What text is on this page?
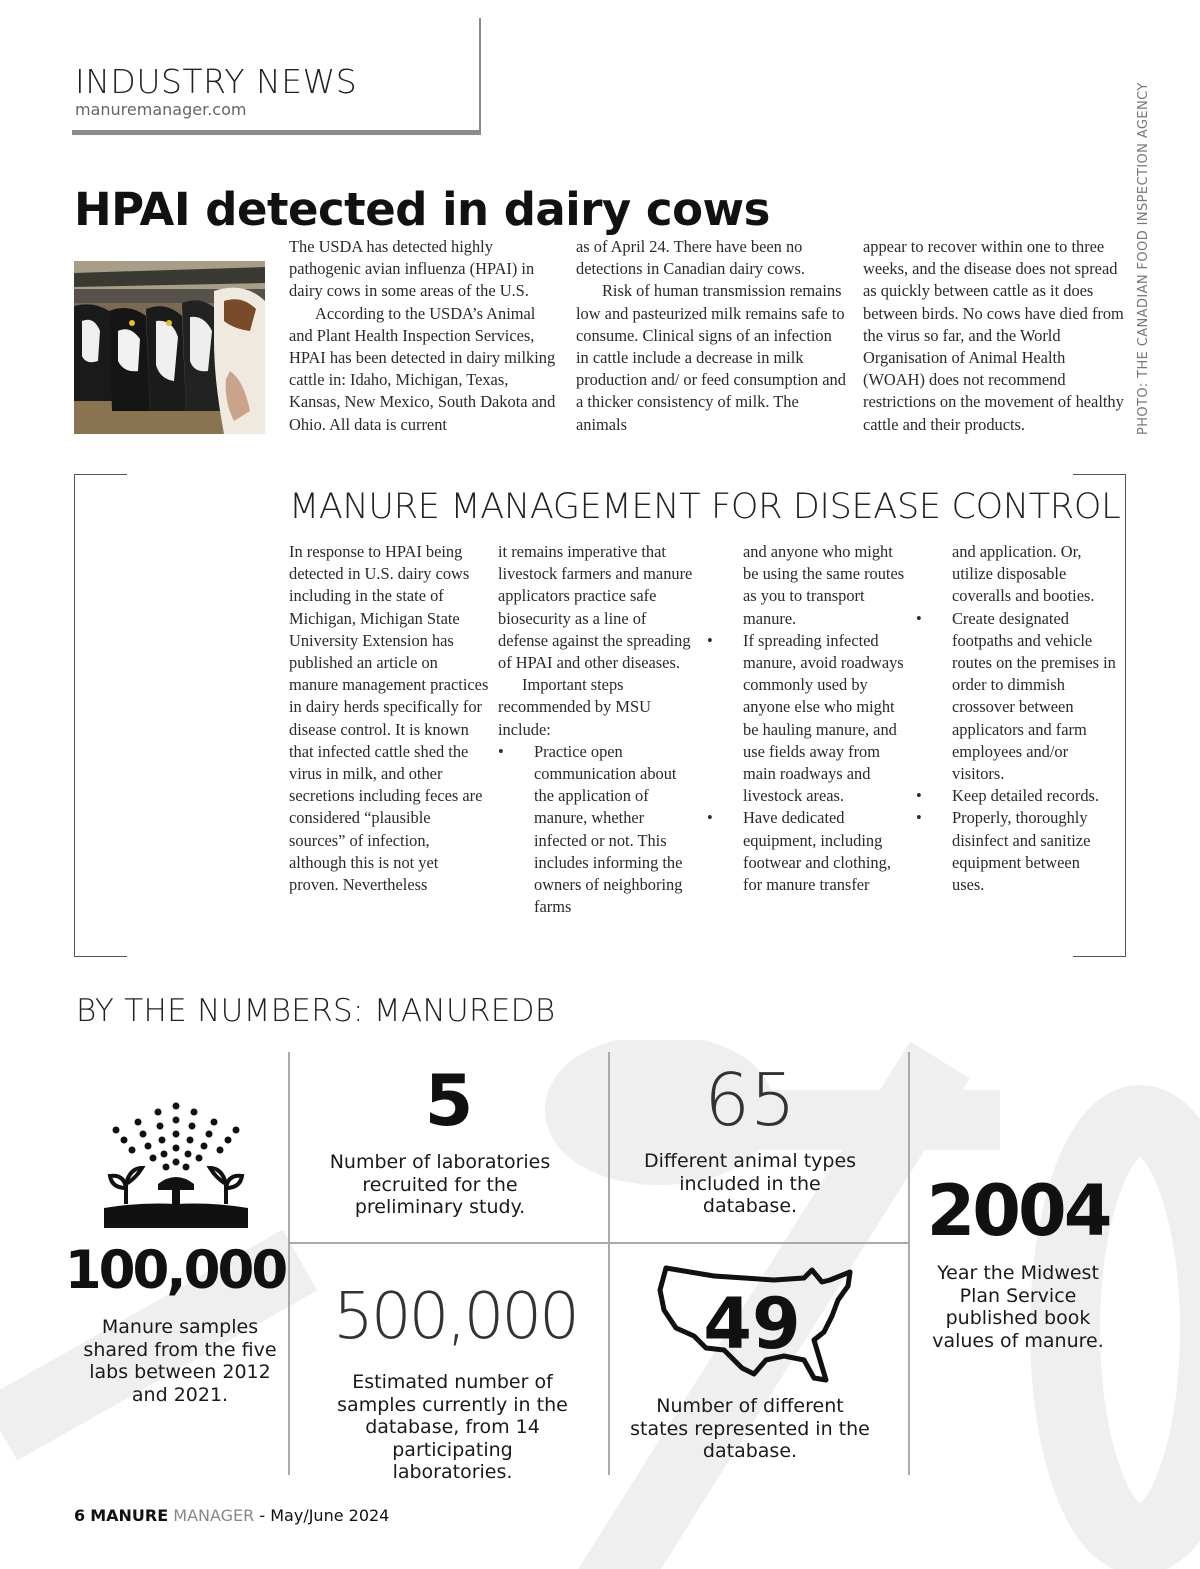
INDUSTRY NEWS
manuremanager.com	PHOTO: THE CANADIAN FOOD INSPECTION AGENCY
HPAI detected in dairy cows

The USDA has detected highly pathogenic avian influenza (HPAI) in dairy cows in some areas of the U.S.

According to the USDA’s Animal and Plant Health Inspection Services, HPAI has been detected in dairy milking cattle in: Idaho, Michigan, Texas, Kansas, New Mexico, South Dakota and Ohio. All data is current

as of April 24. There have been no detections in Canadian dairy cows.

Risk of human transmission remains low and pasteurized milk remains safe to consume. Clinical signs of an infection in cattle include a decrease in milk production and/ or feed consumption and a thicker consistency of milk. The animals

appear to recover within one to three weeks, and the disease does not spread as quickly between cattle as it does between birds. No cows have died from the virus so far, and the World Organisation of Animal Health (WOAH) does not recommend restrictions on the movement of healthy cattle and their products.

MANURE MANAGEMENT FOR DISEASE CONTROL

In response to HPAI being detected in U.S. dairy cows including in the state of Michigan, Michigan State University Extension has published an article on manure management practices in dairy herds specifically for disease control. It is known that infected cattle shed the virus in milk, and other secretions including feces are considered “plausible sources” of infection, although this is not yet proven. Nevertheless

it remains imperative that livestock farmers and manure applicators practice safe biosecurity as a line of defense against the spreading of HPAI and other diseases.

Important steps recommended by MSU include:

•	Practice open communication about the application of manure, whether infected or not. This includes informing the owners of neighboring farms

and anyone who might be using the same routes as you to transport manure.

•	If spreading infected manure, avoid roadways commonly used by anyone else who might be hauling manure, and use fields away from main roadways and livestock areas.
•	Have dedicated equipment, including footwear and clothing, for manure transfer

and application. Or, utilize disposable coveralls and booties.

•	Create designated footpaths and vehicle routes on the premises in order to dimmish crossover between applicators and farm employees and/or visitors.
•	Keep detailed records.
•	Properly, thoroughly disinfect and sanitize equipment between uses.
BY THE NUMBERS: MANUREDB
100,000
Manure samples shared from the five labs between 2012 and 2021.
5
Number of laboratories recruited for the preliminary study.
65
Different animal types included in the database.	2004
Year the Midwest Plan Service published book values of manure.
500,000
Estimated number of samples currently in the database, from 14 participating laboratories.
49
Number of different states represented in the database.
6 MANURE MANAGER - May/June 2024
